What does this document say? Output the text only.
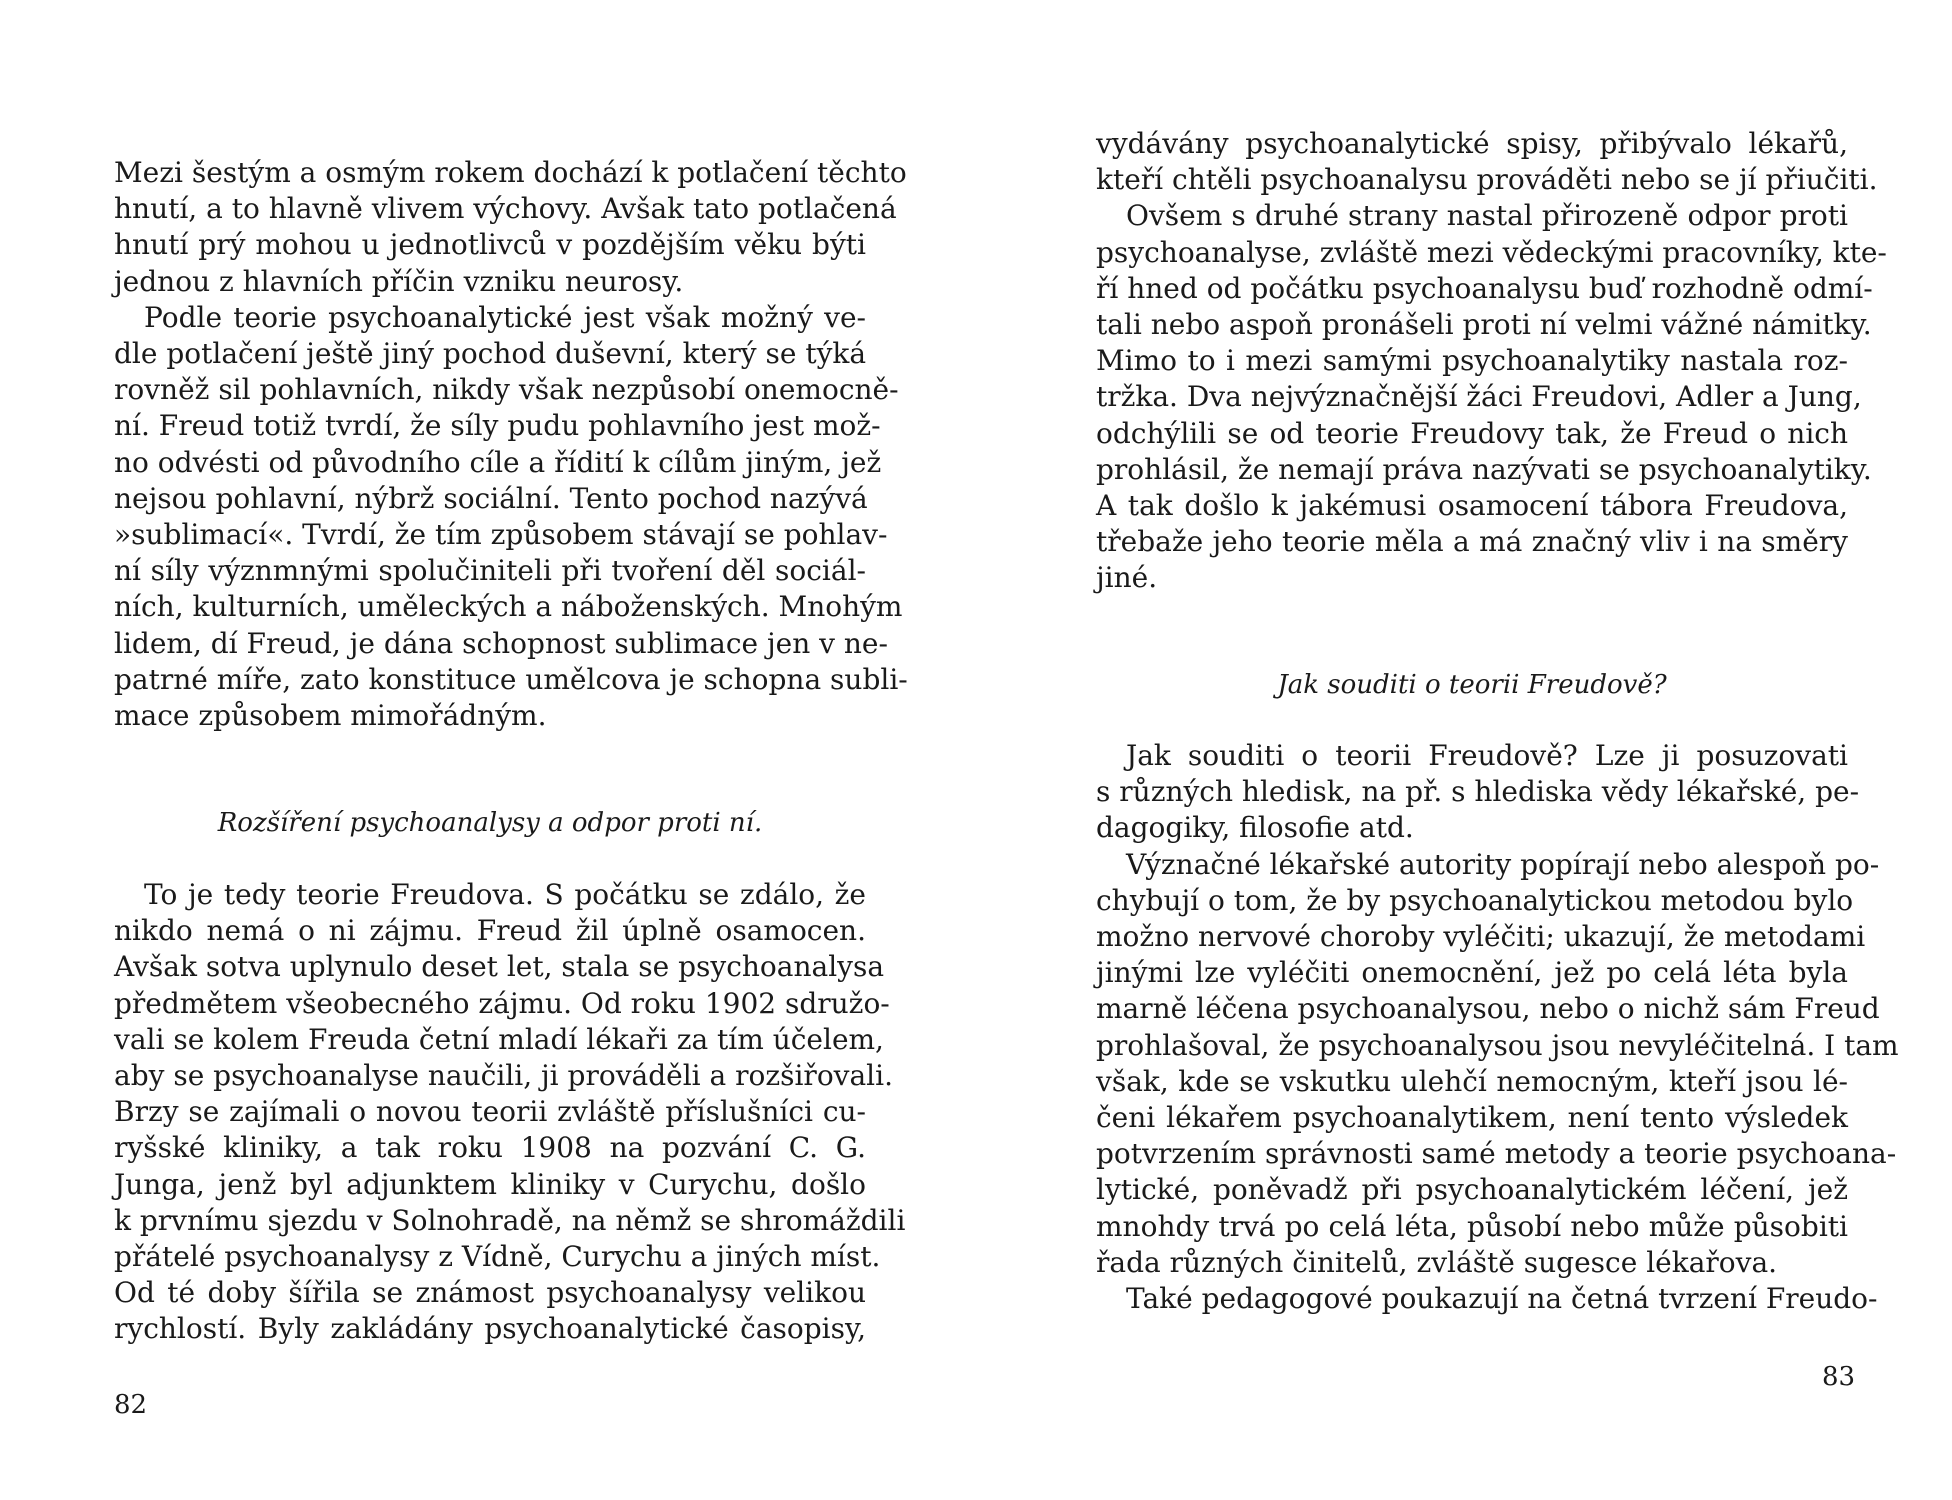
Mezi šestým a osmým rokem dochází k potlačení těchto
hnutí, a to hlavně vlivem výchovy. Avšak tato potlačená
hnutí prý mohou u jednotlivců v pozdějším věku býti
jednou z hlavních příčin vzniku neurosy.
Podle teorie psychoanalytické jest však možný ve-
dle potlačení ještě jiný pochod duševní, který se týká
rovněž sil pohlavních, nikdy však nezpůsobí onemocně-
ní. Freud totiž tvrdí, že síly pudu pohlavního jest mož-
no odvésti od původního cíle a řídití k cílům jiným, jež
nejsou pohlavní, nýbrž sociální. Tento pochod nazývá
»sublimací«. Tvrdí, že tím způsobem stávají se pohlav-
ní síly význmnými spolučiniteli při tvoření děl sociál-
ních, kulturních, uměleckých a náboženských. Mnohým
lidem, dí Freud, je dána schopnost sublimace jen v ne-
patrné míře, zato konstituce umělcova je schopna subli-
mace způsobem mimořádným.
Rozšíření psychoanalysy a odpor proti ní.
To je tedy teorie Freudova. S počátku se zdálo, že
nikdo nemá o ni zájmu. Freud žil úplně osamocen.
Avšak sotva uplynulo deset let, stala se psychoanalysa
předmětem všeobecného zájmu. Od roku 1902 sdružo-
vali se kolem Freuda četní mladí lékaři za tím účelem,
aby se psychoanalyse naučili, ji prováděli a rozšiřovali.
Brzy se zajímali o novou teorii zvláště příslušníci cu-
ryšské kliniky, a tak roku 1908 na pozvání C. G.
Junga, jenž byl adjunktem kliniky v Curychu, došlo
k prvnímu sjezdu v Solnohradě, na němž se shromáždili
přátelé psychoanalysy z Vídně, Curychu a jiných míst.
Od té doby šířila se známost psychoanalysy velikou
rychlostí. Byly zakládány psychoanalytické časopisy,
82
vydávány psychoanalytické spisy, přibývalo lékařů,
kteří chtěli psychoanalysu prováděti nebo se jí přiučiti.
Ovšem s druhé strany nastal přirozeně odpor proti
psychoanalyse, zvláště mezi vědeckými pracovníky, kte-
ří hned od počátku psychoanalysu buď rozhodně odmí-
tali nebo aspoň pronášeli proti ní velmi vážné námitky.
Mimo to i mezi samými psychoanalytiky nastala roz-
tržka. Dva nejvýznačnější žáci Freudovi, Adler a Jung,
odchýlili se od teorie Freudovy tak, že Freud o nich
prohlásil, že nemají práva nazývati se psychoanalytiky.
A tak došlo k jakémusi osamocení tábora Freudova,
třebaže jeho teorie měla a má značný vliv i na směry
jiné.
Jak souditi o teorii Freudově?
Jak souditi o teorii Freudově? Lze ji posuzovati
s různých hledisk, na př. s hlediska vědy lékařské, pe-
dagogiky, filosofie atd.
Význačné lékařské autority popírají nebo alespoň po-
chybují o tom, že by psychoanalytickou metodou bylo
možno nervové choroby vyléčiti; ukazují, že metodami
jinými lze vyléčiti onemocnění, jež po celá léta byla
marně léčena psychoanalysou, nebo o nichž sám Freud
prohlašoval, že psychoanalysou jsou nevyléčitelná. I tam
však, kde se vskutku ulehčí nemocným, kteří jsou lé-
čeni lékařem psychoanalytikem, není tento výsledek
potvrzením správnosti samé metody a teorie psychoana-
lytické, poněvadž při psychoanalytickém léčení, jež
mnohdy trvá po celá léta, působí nebo může působiti
řada různých činitelů, zvláště sugesce lékařova.
Také pedagogové poukazují na četná tvrzení Freudo-
83
